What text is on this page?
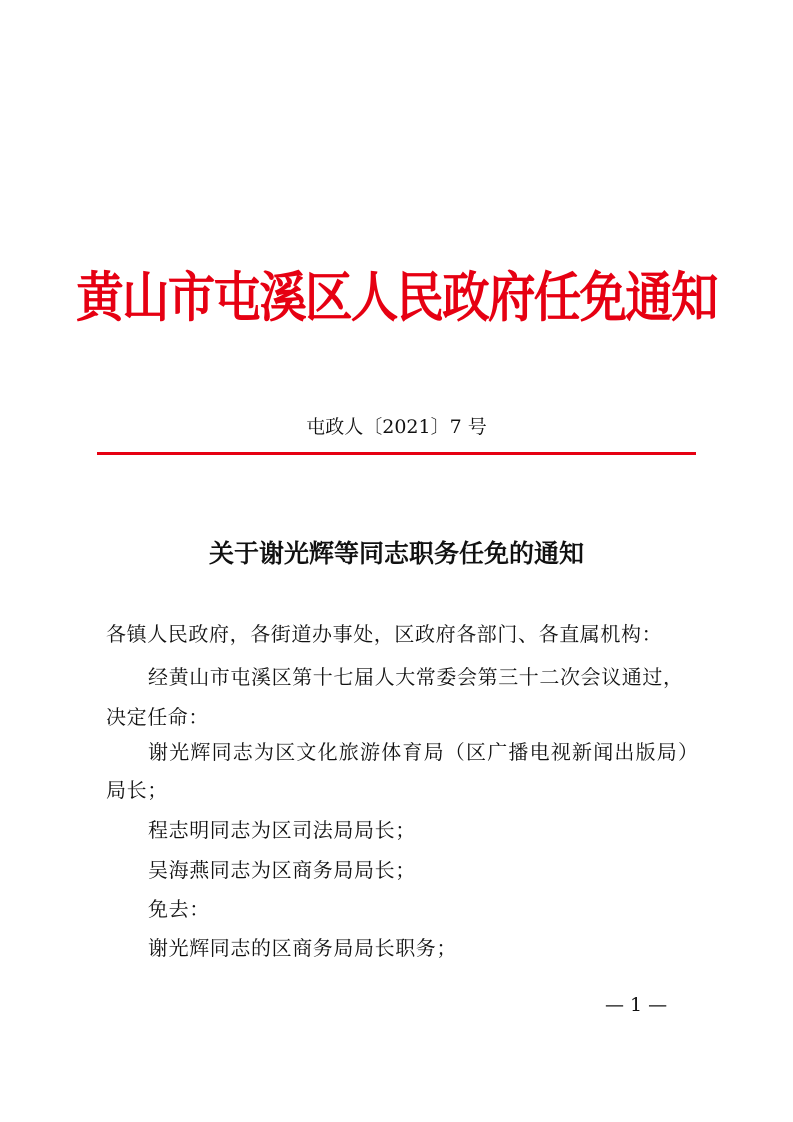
黄山市屯溪区人民政府任免通知
屯政人〔2021〕7 号
关于谢光辉等同志职务任免的通知
各镇人民政府，各街道办事处，区政府各部门、各直属机构：
经黄山市屯溪区第十七届人大常委会第三十二次会议通过，
决定任命：
谢光辉同志为区文化旅游体育局（区广播电视新闻出版局）
局长；
程志明同志为区司法局局长；
吴海燕同志为区商务局局长；
免去：
谢光辉同志的区商务局局长职务；
— 1 —
